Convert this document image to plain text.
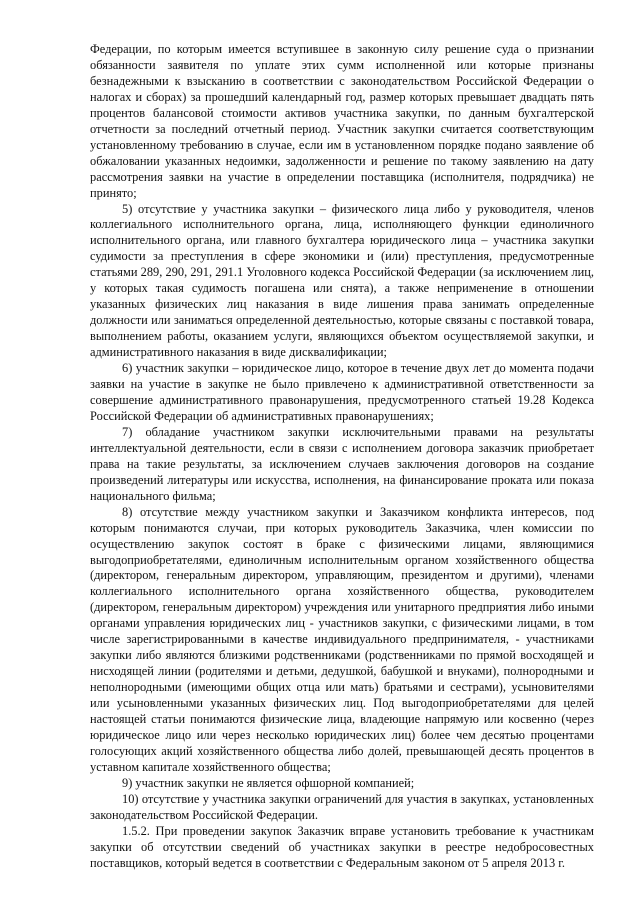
Федерации, по которым имеется вступившее в законную силу решение суда о признании обязанности заявителя по уплате этих сумм исполненной или которые признаны безнадежными к взысканию в соответствии с законодательством Российской Федерации о налогах и сборах) за прошедший календарный год, размер которых превышает двадцать пять процентов балансовой стоимости активов участника закупки, по данным бухгалтерской отчетности за последний отчетный период. Участник закупки считается соответствующим установленному требованию в случае, если им в установленном порядке подано заявление об обжаловании указанных недоимки, задолженности и решение по такому заявлению на дату рассмотрения заявки на участие в определении поставщика (исполнителя, подрядчика) не принято;

5) отсутствие у участника закупки – физического лица либо у руководителя, членов коллегиального исполнительного органа, лица, исполняющего функции единоличного исполнительного органа, или главного бухгалтера юридического лица – участника закупки судимости за преступления в сфере экономики и (или) преступления, предусмотренные статьями 289, 290, 291, 291.1 Уголовного кодекса Российской Федерации (за исключением лиц, у которых такая судимость погашена или снята), а также неприменение в отношении указанных физических лиц наказания в виде лишения права занимать определенные должности или заниматься определенной деятельностью, которые связаны с поставкой товара, выполнением работы, оказанием услуги, являющихся объектом осуществляемой закупки, и административного наказания в виде дисквалификации;

6) участник закупки – юридическое лицо, которое в течение двух лет до момента подачи заявки на участие в закупке не было привлечено к административной ответственности за совершение административного правонарушения, предусмотренного статьей 19.28 Кодекса Российской Федерации об административных правонарушениях;

7) обладание участником закупки исключительными правами на результаты интеллектуальной деятельности, если в связи с исполнением договора заказчик приобретает права на такие результаты, за исключением случаев заключения договоров на создание произведений литературы или искусства, исполнения, на финансирование проката или показа национального фильма;

8) отсутствие между участником закупки и Заказчиком конфликта интересов, под которым понимаются случаи, при которых руководитель Заказчика, член комиссии по осуществлению закупок состоят в браке с физическими лицами, являющимися выгодоприобретателями, единоличным исполнительным органом хозяйственного общества (директором, генеральным директором, управляющим, президентом и другими), членами коллегиального исполнительного органа хозяйственного общества, руководителем (директором, генеральным директором) учреждения или унитарного предприятия либо иными органами управления юридических лиц - участников закупки, с физическими лицами, в том числе зарегистрированными в качестве индивидуального предпринимателя, - участниками закупки либо являются близкими родственниками (родственниками по прямой восходящей и нисходящей линии (родителями и детьми, дедушкой, бабушкой и внуками), полнородными и неполнородными (имеющими общих отца или мать) братьями и сестрами), усыновителями или усыновленными указанных физических лиц. Под выгодоприобретателями для целей настоящей статьи понимаются физические лица, владеющие напрямую или косвенно (через юридическое лицо или через несколько юридических лиц) более чем десятью процентами голосующих акций хозяйственного общества либо долей, превышающей десять процентов в уставном капитале хозяйственного общества;

9) участник закупки не является офшорной компанией;

10) отсутствие у участника закупки ограничений для участия в закупках, установленных законодательством Российской Федерации.

1.5.2. При проведении закупок Заказчик вправе установить требование к участникам закупки об отсутствии сведений об участниках закупки в реестре недобросовестных поставщиков, который ведется в соответствии с Федеральным законом от 5 апреля 2013 г.
